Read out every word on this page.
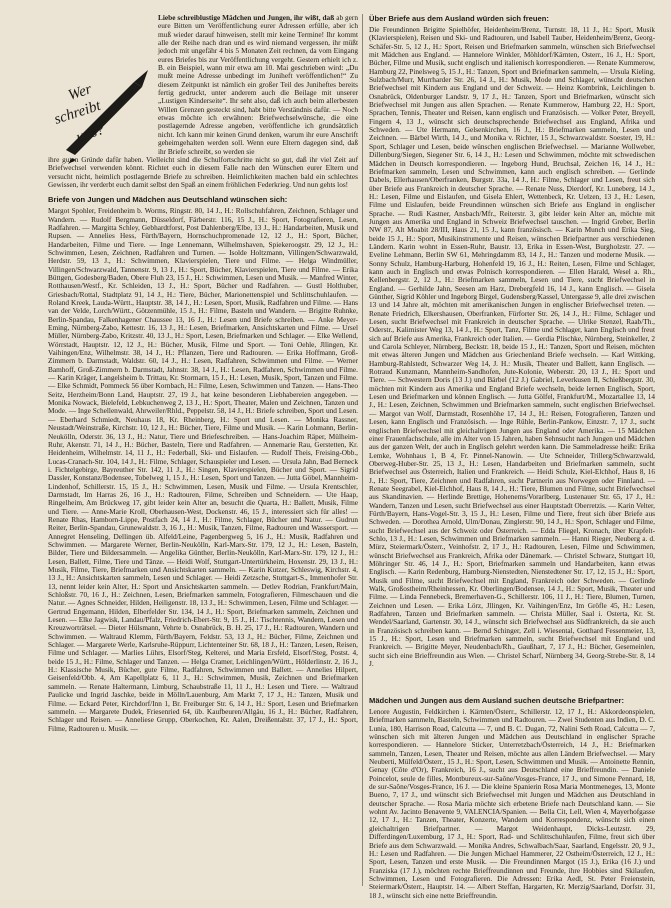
Wer
schreibt
uns?
Liebe schreiblustige Mädchen und Jungen, ihr wißt, daß ab gern eure Bitten um Veröffentlichung eurer Adressen erfülle, aber ich muß wieder darauf hinweisen, stellt mir keine Termine! Ihr kommt alle der Reihe nach dran und es wird niemand vergessen, ihr müßt jedoch mit ungefähr 4 bis 5 Monaten Zeit rechnen, da vom Eingang eures Briefes bis zur Veröffentlichung vergeht. Gestern erhielt ich z. B. ein Beispiel, wann mir etwa am 10. Mai geschrieben wird: „Du mußt meine Adresse unbedingt im Juniheft veröffentlichen!“ Zu diesem Zeitpunkt ist nämlich ein großer Teil des Juniheftes bereits fertig gedruckt, unter anderem auch die Beilage mit unserer „Lustigen Kinderseite“. Ihr seht also, daß ich auch beim allerbesten Willen Grenzen gesteckt sind, habt bitte Verständnis dafür. — Noch etwas möchte ich erwähnen: Briefwechselwünsche, die eine postlagernde Adresse angeben, veröffentliche ich grundsätzlich nicht. Ich kann mir keinen Grund denken, warum ihr eure Anschrift geheimgehalten werden soll. Wenn eure Eltern dagegen sind, daß ihr Briefe schreibt, so werden sie
ihre guten Gründe dafür haben. Vielleicht sind die Schulfortschritte nicht so gut, daß ihr viel Zeit auf Briefwechsel verwenden könnt. Richtet euch in diesem Falle nach den Wünschen eurer Eltern und versucht nicht, heimlich postlagernde Briefe zu schreiben. Heimlichkeiten machen bald ein schlechtes Gewissen, ihr verderbt euch damit selbst den Spaß an einem fröhlichen Federkrieg. Und nun gehts los!
Briefe von Jungen und Mädchen aus Deutschland wünschen sich:
Margot Spohler, Freidenheim b. Worms, Ringstr. 80, 14 J., H.: Rollschuhfahren, Zeichnen, Schlager und Wandern. — Rudolf Bergmann, Düsseldorf, Färberstr. 116, 15 J., H.: Sport, Fotografieren, Lesen, Radfahren. — Margitta Schley, Gebhardtforst, Post Dahlenberg/Elbe, 13 J., H.: Handarbeiten, Musik und Rupsen. — Annelies Hess, Fürth/Bayern, Hornschuchpromenade 12, 12 J., H.: Sport, Bücher, Handarbeiten, Filme und Tiere. — Inge Lennemann, Wilhelmshaven, Spiekeroogstr. 29, 12 J., H.: Schwimmen, Lesen, Zeichnen, Radfahren und Turnen. — Isolde Holtzmann, Villingen/Schwarzwald, Herdstr. 59, 13 J., H.: Schwimmen, Klavierspielen, Tiere und Filme. — Helga Windmüller, Villingen/Schwarzwald, Tannenstr. 9, 13 J., H.: Sport, Bücher, Klavierspielen, Tiere und Filme. — Erika Büttgen, Godesberg/Baden, Obere Fluh 23, 15 J., H.: Schwimmen, Lesen und Musik. — Manfred Winter, Rotthausen/Westf., Kr. Schleiden, 13 J., H.: Sport, Bücher und Radfahren. — Gustl Holthuber, Griesbach/Rottal, Stadtplatz 91, 14 J., H.: Tiere, Bücher, Marionettenspiel und Schlittschuhlaufen. — Roland Kreek, Lauda-Württ., Hauptstr. 38, 14 J., H.: Lesen, Sport, Musik, Radfahren und Filme. — Hans van der Velde, Lorch/Württ., Götzenmühle, 15 J., H.: Filme, Basteln und Wandern. — Brigitte Ruhnke, Berlin-Spandau, Falkenhagener Chaussee 13, 16 J., H.: Lesen und Briefe schreiben. — Anke Meyer-Eming, Nürnberg-Zabo, Kettestr. 16, 13 J., H.: Lesen, Briefmarken, Ansichtskarten und Filme. — Ursel Müller, Nürnberg-Zabo, Kritzstr. 40, 13 J., H.: Sport, Lesen, Briefmarken und Schlager. — Elke Wellend, Wörrstadt, Hauptstr. 12, 12 J., H.: Bücher, Musik, Filme und Sport. — Toni Oehle, Jllingen, Kr. Vaihingen/Enz, Wilhelmstr. 38, 14 J., H.: Pflanzen, Tiere und Radtouren. — Erika Hoffmann, Groß-Zimmern b. Darmstadt, Waldstr. 60, 14 J., H.: Lesen, Radfahren, Schwimmen und Filme. — Werner Bamhoff, Groß-Zimmern b. Darmstadt, Jahnstr. 38, 14 J., H.: Lesen, Radfahren, Schwimmen und Filme. — Karin Kräger, Langelsheim b. Trittau, Kr. Stormarn, 15 J., H.: Lesen, Musik, Sport, Tanzen und Filme. — Elke Schmidt, Pommeck 56 über Kornbach, H.: Filme, Lesen, Schwimmen und Tanzen. — Hans-Theo Seitz, Herzheim/Bonn Land, Hauptstr. 27, 19 J., hat keine besonderen Liebhabereien angegeben. — Monika Nowack, Bielefeld, Lebkuchenweg 2, 13 J., H.: Sport, Theater, Malen und Zeichnen, Tanzen und Mode. — Inge Schellenwald, Ahrweiler/Rhld., Peppelstr. 58, 14 J., H.: Briefe schreiben, Sport und Lesen. — Eberhard Schmiedt, Neuhaus 18, Kr. Rheinberg, H.: Sport und Lesen. — Monika Rassner, Neustadt/Weinstraße, Kirchstr. 10, 12 J., H.: Bücher, Tiere, Filme und Musik. — Karin Lohmann, Berlin-Neukölln, Oderstr. 36, 13 J., H.: Natur, Tiere und Briefeschreiben. — Hans-Joachim Räper, Mülheim-Ruhr, Akenstr. 71, 14 J., H.: Bücher, Basteln, Tiere und Radfahren. — Annemarie Rau, Gerstetten, Kr. Heidenheim, Wilhelmstr. 14, 11 J., H.: Federball, Ski- und Eislaufen. — Rudolf Theis, Freising-Obb., Lucas-Cranach-Str. 104, 14 J., H.: Filme, Schlager, Schauspieler und Lesen. — Ursula Jahn, Bad Berneck i. Fichtelgebirge, Bayreuther Str. 142, 11 J., H.: Singen, Klavierspielen, Bücher und Sport. — Sigrid Dassler, Konstanz/Bodensee, Tobelweg 1, 15 J., H.: Lesen, Sport und Tanzen. — Jutta Göbel, Mannheim-Lindenhof, Schillerstr. 15, 15 J., H.: Schwimmen, Lesen, Musik und Filme. — Ursula Krentschler, Darmstadt, Im Harras 26, 16 J., H.: Radtouren, Filme, Schreiben und Schneidern. — Ute Haap, Ringelheim, Am Brückweg 17, gibt leider kein Alter an, besucht die Quarta, H.: Ballett, Musik, Filme und Tiere. — Anne-Marie Kroll, Oberhausen-West, Dockenstr. 46, 15 J., interessiert sich für alles! — Renate Rhas, Hamborn-Lippe, Postfach 24, 14 J., H.: Filme, Schlager, Bücher und Natur. — Gudrun Reiter, Berlin-Spandau, Grunewaldstr. 3, 16 J., H.: Musik, Tanzen, Filme, Radtouren und Wassersport. — Annegret Henseling, Dellingen üb. Alfeld/Leine, Pagenbergweg 5, 16 J., H.: Musik, Radfahren und Schwimmen. — Margarete Werner, Berlin-Neukölln, Karl-Marx-Str. 179, 12 J., H.: Lesen, Basteln, Bilder, Tiere und Bildersammeln. — Angelika Günther, Berlin-Neukölln, Karl-Marx-Str. 179, 12 J., H.: Lesen, Ballett, Filme, Tiere und Tänze. — Heidi Wolf, Stuttgart-Untertürkheim, Hoxenstr. 29, 13 J., H.: Musik, Filme, Tiere, Briefmarken und Ansichtskarten sammeln. — Karin Kutzer, Schleswig, Kirchstr. 4, 13 J., H.: Ansichtskarten sammeln, Lesen und Schlager. — Heidi Zetzsche, Stuttgart-S., Immenhofer Str. 13, nennt leider kein Alter, H.: Sport und Ansichtskarten sammeln. — Detlev Rodrian, Frankfurt/Main, Schloßstr. 70, 16 J., H.: Zeichnen, Lesen, Briefmarken sammeln, Fotografieren, Filmeschauen und die Natur. — Agnes Schneider, Hilden, Heiligenstr. 18, 13 J., H.: Schwimmen, Lesen, Filme und Schlager. — Gertrud Engemann, Hilden, Elberfelder Str. 134, 14 J., H.: Sport, Briefmarken sammeln, Zeichnen und Lesen. — Elke Jagwisk, Landau/Pfalz, Friedrich-Ebert-Str. 9, 15 J., H.: Tischtennis, Wandern, Lesen und Kreuzworträtsel. — Dieter Hülsmann, Vehrte b. Osnabrück, B. H. 25, 17 J., H.: Radtouren, Wandern und Schwimmen. — Waltraud Klemm, Fürth/Bayern, Feldstr. 53, 13 J., H.: Bücher, Filme, Zeichnen und Schlager. — Margarete Werle, Karlsruhe-Rüppurr, Lichtenteiner Str. 68, 18 J., H.: Tanzen, Lesen, Reisen, Filme und Schlager. — Marlies Lührs, Elsorf/Steg, Kelterei, und Maria Ersfeld, Elsorf/Steg, Postst. 4, beide 15 J., H.: Filme, Schlager und Tanzen. — Helga Cramer, Leichlingen/Württ., Hölderlinstr. 2, 16 J., H.: Klassische Musik, Bücher, gute Filme, Radfahren, Schwimmen und Ballett. — Annelies Hilpert, Geisenfeld/Obb. 4, Am Kapellplatz 6, 11 J., H.: Schwimmen, Musik, Zeichnen und Briefmarken sammeln. — Renate Haltermann, Limburg, Schaubstraße 11, 11 J., H.: Lesen und Tiere. — Waltraud Paulicke und Ingrid Jaschke, beide in Mölln/Lauenburg, Am Markt 7, 17 J., H.: Tanzen, Musik und Filme. — Eckard Peter, Kirchdorf/Inn 1, Br. Freiburger Str. 6, 14 J., H.: Sport, Lesen und Briefmarken sammeln. — Margarete Dudek, Friesenried 64, üb. Kaufbeuren/Allgäu, 16 J., H.: Bücher, Radfahren, Schlager und Reisen. — Anneliese Grupp, Oberkochen, Kr. Aalen, Dreißentalstr. 37, 17 J., H.: Sport, Filme, Radtouren u. Musik. —
Über Briefe aus dem Ausland würden sich freuen:
Die Freundinnen Brigitte Spielhöfer, Heidenheim/Brenz, Turnstr. 18, 11 J., H.: Sport, Musik (Klavierspielen), Reisen und Ski- und Radtouren, und Isabell Tauber, Heidenheim/Brenz, Georg-Schäfer-Str. 5, 12 J., H.: Sport, Reisen und Briefmarken sammeln, wünschen sich Briefwechsel mit Mädchen aus England. — Hannelore Winkler, Möhldorf/Kärnten, Osterr., 16 J., H.: Sport, Bücher, Filme und Musik, sucht englisch und italienisch korrespondieren. — Renate Kummerow, Hamburg 22, Pinelsweg 5, 15 J., H.: Tanzen, Sport und Briefmarken sammeln, — Ursula Kieling, Sulzbach/Murr, Murrharder Str. 26, 14 J., H.: Musik, Mode und Schlager, wünscht deutschen Briefwechsel mit Kindern aus England und der Schweiz. — Heinz Kombrink, Leichlingen b. Osnabrück, Oldenburger Landstr. 9, 17 J., H.: Tanzen, Sport und Briefmarken, wünscht sich Briefwechsel mit Jungen aus allen Sprachen. — Renate Kummerow, Hamburg 22, H.: Sport, Sprachen, Tennis, Theater und Reisen, kann englisch und Französisch. — Volker Peter, Breyell, Fingern 4, 13 J., wünscht sich deutschsprechende Briefwechsel aus England, Afrika und Schweden. — Ute Hermann, Gelsenkirchen, 16 J., H.: Briefmarken sammeln, Lesen und Zeichnen. — Bärbel Wirth, 14 J., und Monika v. Richter, 15 J., Schwarzwaldstr. Soester, 19, H.: Sport, Schlager und Lesen, beide wünschen englischen Briefwechsel. — Marianne Wollweber, Dillenburg/Siegen, Siegener Str. 6, 14 J., H.: Lesen und Schwimmen, möchte mit schwedischen Mädchen in Deutsch korrespondieren. — Ingeborg Hund, Bruchsal, Zeichen 16, 14 J., H.: Briefmarken sammeln, Lesen und Schwimmen, kann auch englisch schreiben. — Gerlinde Dabels, Ellerhausen/Oberfranken, Burgstr. 33a, 14 J., H.: Filme, Schlager und Lesen, freut sich über Briefe aus Frankreich in deutscher Sprache. — Renate Nuss, Dierdorf, Kr. Luneberg, 14 J., H.: Lesen, Filme und Eislaufen, und Gisela Ehlert, Wettenbeck, Kr. Uelzen, 13 J., H.: Lesen, Filme und Eislaufen, beide Freundinnen wünschen sich Briefe aus England in englischer Sprache. — Rudi Kastner, Ansbach/Mfr., Reiterstr. 3, gibt leider kein Alter an, möchte mit Jungen aus Amerika und England in Schweiz Briefwechsel tauschen. — Ingrid Greber, Berlin NW 87, Alt Moabit 28/III, Haus 21, 15 J., kann französisch. — Karin Munch und Erika Sieg, beide 15 J., H.: Sport, Musikinstrumente und Reisen, wünschen Briefpartner aus verschiedenen Ländern. Karin wohnt in Essen-Ruhr, Baustr. 13, Erika in Essen-West, Burgholzstr. 27. — Eveline Lehmann, Berlin SW 61, Mehringdamm 83, 14 J., H.: Tanzen und moderne Musik. — Sonny Schulz, Hamburg-Harburg, Hohenfeld 19, 16 J., H.: Reiten, Lesen, Filme und Schlager, kann auch in Englisch und etwas Polnisch korrespondieren. — Ellen Harald, Wesel a. Rh., Kellenbergstr. 2, 12 J., H.: Briefmarken sammeln, Lesen und Tiere, sucht Briefwechsel in England. — Gerhilde Jahn, Seesen am Harz, Drebergfeld 16, 14 J., kann Englisch. — Gisela Günther, Sigrid Köhler und Ingeborg Birgel, Gudensberg/Kassel, Untergasse 9, alle drei zwischen 13 und 14 Jahre alt, möchten mit amerikanischen Jungen in englischer Briefwechsel treten. — Renate Friedrich, Elkershausen, Oberfranken, Fürforter Str. 26, 14 J., H.: Filme, Schlager und Lesen, sucht Briefwechsel mit Frankreich in deutscher Sprache. — Ulrike Stenzel, Raab/Th., Oderstr., Kalimister Weg 13, 14 J., H.: Sport, Tanz, Filme und Schlager, kann Englisch und freut sich auf Briefe aus Amerika, Frankreich oder Italien. — Gerdia Plischke, Nürnberg, Steinkeller, 2 und Carola Schleyer, Nürnberg, Beckstr. 18, beide 15 J., H.: Tanzen, Sport und Reisen, möchten mit etwas älteren Jungen und Mädchen aus Griechenland Briefe wechseln. — Karl Wittking, Hamburg-Rahlstedt, Schwarzer Weg 14, J. H.: Musik, Theater und Ballett, kann Englisch. — Rotraud Kunzmann, Mannheim-Sandhofen, Jute-Kolonie, Weberstr. 20, 13 J., H.: Sport und Tiere. — Schwestern Doris (13 J.) und Bärbel (12 J.) Gabriel, Leverkusen II, Schießbergstr. 30, möchten mit Kindern aus Amerika und England Briefe wechseln, beide lernen Englisch, Sport, Lesen und Briefmarken und können Englisch. — Jutta Gölfel, Frankfurt/M., Mozartallee 13, 14 J., H.: Lesen, Zeichnen, Schwimmen und Briefmarken sammeln, sucht englischen Briefwechsel. — Margot van Wolf, Darmstadt, Rosenhöhe 17, 14 J., H.: Reisen, Fotografieren, Tanzen und Lesen, kann Englisch und Französisch. — Inge Rühle, Berlin-Pankow, Einzstr. 7, 17 J., sucht englischen Briefwechsel mit gleichaltrigen Jungen aus England oder Amerika. — 15 Mädchen einer Frauenfachschule, alle im Alter von 15 Jahren, haben Sehnsucht nach Jungen und Mädchen aus der ganzen Welt, der auch in Englisch gelehrt werden kann. Die Sammeladresse heißt: Erika Lemke, Wohnhaus 1, B 4, Fr. Pinnel-Nanowin. — Ute Schneider, Trillerg/Schwarzwald, Oberweg-Huber-Str. 25, 13 J., H.: Lesen, Handarbeiten und Briefmarken sammeln, sucht Briefwechsel aus Österreich, Italien und Frankreich. — Heidi Schulz, Kiel-Elchhof, Haus 8, 16 J., H.: Sport, Tiere, Zeichnen und Radfahren, sucht Partnerin aus Norwegen oder Finnland. — Renate Seegrabel, Kiel-Elchhof, Haus 8, 14 J., H.: Tiere, Blumen und Filme, sucht Briefwechsel aus Skandinavien. — Herlinde Brettige, Hohenems/Vorarlberg, Lustenauer Str. 65, 17 J., H.: Wandern, Tanzen und Lesen, sucht Briefwechsel aus einer Hauptstadt Oberretzis. — Karin Velter, Fürth/Bayern, Hans-Vogel-Str. 3, 15 J., H.: Lesen, Filme und Tiere, freut sich über Briefe aus Schweden. — Dorothea Arnold, Ulm/Donau, Zinglerstr. 90, 14 J., H.: Sport, Schlager und Filme, sucht Briefwechsel aus der Schweiz oder Österreich. — Edda Fliegel, Kronach, über Krapfelt-Schlo, 13 J., H.: Lesen, Schwimmen und Briefmarken sammeln. — Hanni Rieger, Neuberg a. d. Mürz, Steiermark/Österr., Veinhofstr. 2, 17 J., H.: Radtouren, Lesen, Filme und Schwimmen, wünscht Briefwechsel aus Frankreich, Afrika oder Dänemark. — Christel Schwarz, Stuttgart 10, Möhringer Str. 46, 14 J., H.: Sport, Briefmarken sammeln und Handarbeiten, kann etwas Englisch. — Karin Redenburg, Hamburg-Nienstedten, Nienstedtener Str. 17, 12, 15 J., H.: Sport, Musik und Filme, sucht Briefwechsel mit England, Frankreich oder Schweden. — Gerlinde Walk, Großostheim/Rheinhessen, Kr. Oberlingen/Bodensee, 14 J., H.: Sport, Musik, Theater und Filme. — Linda Fennebeck, Bremerhaven-G., Schillerstr. 106, 11 J., H.: Tiere, Blumen, Turnen, Zeichnen und Lesen. — Erika Lörz, Jllingen, Kr. Vaihingen/Enz, Im Gröfle 45, H.: Lesen, Radfahren, Tanzen und Briefmarken sammeln. — Christa Müller, Saal i. Osterta, Kr. St. Wendel/Saarland, Gartenstr. 30, 14 J., wünscht sich Briefwechsel aus Südfrankreich, da sie auch in Französisch schreiben kann. — Bernd Schinger, Zell i. Wiesental, Gotthard Fessenmeier, 13, 15 J., H.: Sport, Lesen und Briefmarken sammeln, sucht Briefwechsel mit England und Frankreich. — Brigitte Meyer, Neudenbach/Rh., Gaußhart, 7, 17 J., H.: Bücher, Gesemeinlen, sucht sich eine Brieffreundin aus Wien. — Christel Scharf, Nürnberg 34, Georg-Strebe-Str. 8, 14 J.
Mädchen und Jungen aus dem Ausland suchen deutsche Briefpartner:
Lenore Augustin, Feldkirchen i. Kärnten/Österr., Schillerstr. 12, 17 J., H.: Akkordeonspielen, Briefmarken sammeln, Basteln, Schwimmen und Radtouren. — Zwei Studenten aus Indien, D. C. Lunia, 180, Harrison Road, Calcutta — 7, und B. C. Dugan, 72, Nalini Seth Road, Calcutta — 7, wünschen sich mit älteren Jungen und Mädchen aus Deutschland in englischer Sprache korrespondieren. — Hannelore Sticker, Unterretzbach/Österreich, 14 J., H.: Briefmarken sammeln, Tanzen, Lesen, Theater und Reisen, möchte aus allen Ländern Briefwechsel. — Mary Neuberti, Mülfeld/Österr., 15 J., H.: Sport, Lesen, Schwimmen und Musik. — Antoinette Rennin, Genay (Côte d'Or), Frankreich, 16 J., sucht aus Deutschland eine Brieffreundin. — Daniele Poincelot, seule de filles, Montbureux-sur-Saône/Vosges-France, 17 J., und Simone Pennard, 18, de sur-Saône/Vosges-France, 16 J. — Die kleine Spanierin Rosa Maria Montmeneges, 13, Monte Bueno, 7, 17 J., und wünscht sich Briefwechsel mit Jungen und Mädchen aus Deutschland in deutscher Sprache. — Rosa Maria möchte sich erbetene Briefe nach Deutschland kann. — Sie wohnt Av. Jacinto Benavente 9, VALENCIA/Spanien. — Bella Cit, Lell, Wien 4, Mayerhofgasse 12, 17 J., H.: Tanzen, Theater, Konzerte, Wandern und Korrespondenz, wünscht sich einen gleichaltrigen Briefpartner. — Margot Weidenhaupt, Dicks-Leutzstr. 29, Differdingen/Luxemburg, 17 J., H.: Sport, Rad- und Schlittschuhlaufen, Filme, freut sich über Briefe aus dem Schwarzwald. — Monika Andres, Schwalbach/Saar, Saarland, Engelsstr. 20, 9 J., H.: Lesen und Radfahren. — Die Jungen Michael Hammerer, 22 Ostheim/Österreich, 12 J., H.: Sport, Lesen, Tanzen und erste Musik. — Die Freundinnen Margot (15 J.), Erika (16 J.) und Franziska (17 J.), möchten rechte Brieffreundinnen und Freunde, ihre Hobbies sind Skilaufen, Schwimmen, Lesen und Fotografieren. Die Adressen: Erika Aedl, St. Peter Freienstein, Steiermark/Österr., Hauptstr. 14. — Albert Steffan, Hargarten, Kr. Merzig/Saarland, Dorfstr. 31, 18 J., wünscht sich eine nette Brieffreundin.
